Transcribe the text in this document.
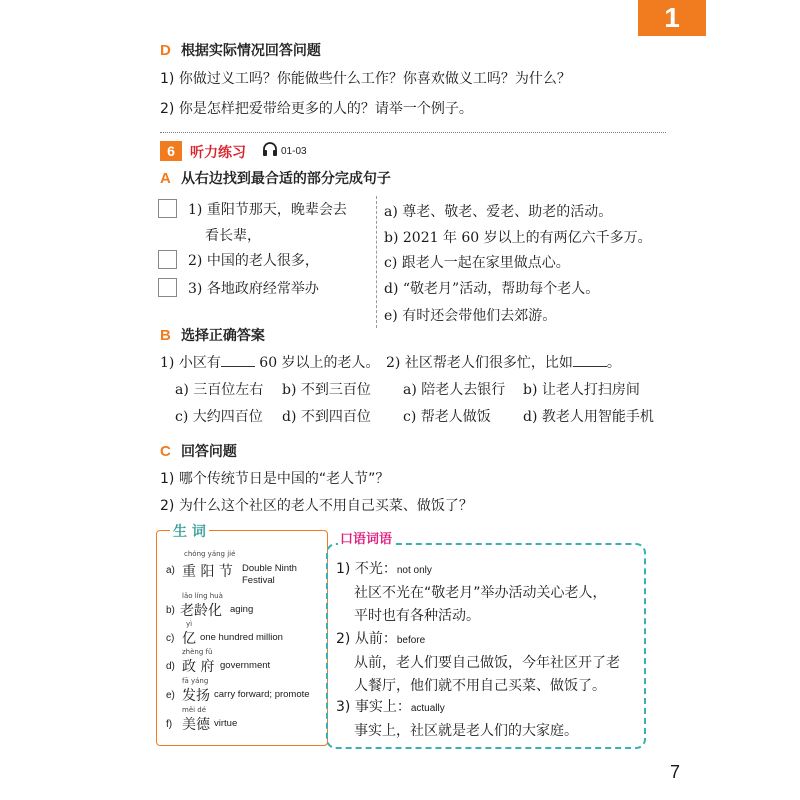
1
D 根据实际情况回答问题
1) 你做过义工吗？你能做些什么工作？你喜欢做义工吗？为什么？
2) 你是怎样把爱带给更多的人的？请举一个例子。
6	听力练习	01-03
A 从右边找到最合适的部分完成句子
1) 重阳节那天，晚辈会去
看长辈，
2) 中国的老人很多，
3) 各地政府经常举办
a) 尊老、敬老、爱老、助老的活动。
b) 2021 年 60 岁以上的有两亿六千多万。
c) 跟老人一起在家里做点心。
d) “敬老月”活动，帮助每个老人。
e) 有时还会带他们去郊游。
B 选择正确答案
1) 小区有	60 岁以上的老人。 2) 社区帮老人们很多忙，比如 。
a) 三百位左右 b) 不到三百位
c) 大约四百位 d) 不到四百位
a) 陪老人去银行 b) 让老人打扫房间
c) 帮老人做饭 d) 教老人用智能手机
C 回答问题
1) 哪个传统节日是中国的“老人节”？
2) 为什么这个社区的老人不用自己买菜、做饭了？
生 词
chóng yáng jié
a) 重 阳 节 Double Ninth
Festival
lǎo líng huà
b) 老龄化 aging
yì
c) 亿 one hundred million
zhèng fǔ
d) 政 府 government
fā yáng
e) 发扬 carry forward; promote
měi dé
f) 美德 virtue
口语词语
1) 不光：not only
社区不光在“敬老月”举办活动关心老人，
平时也有各种活动。
2) 从前：before
从前，老人们要自己做饭，今年社区开了老
人餐厅，他们就不用自己买菜、做饭了。
3) 事实上：actually
事实上，社区就是老人们的大家庭。
7
